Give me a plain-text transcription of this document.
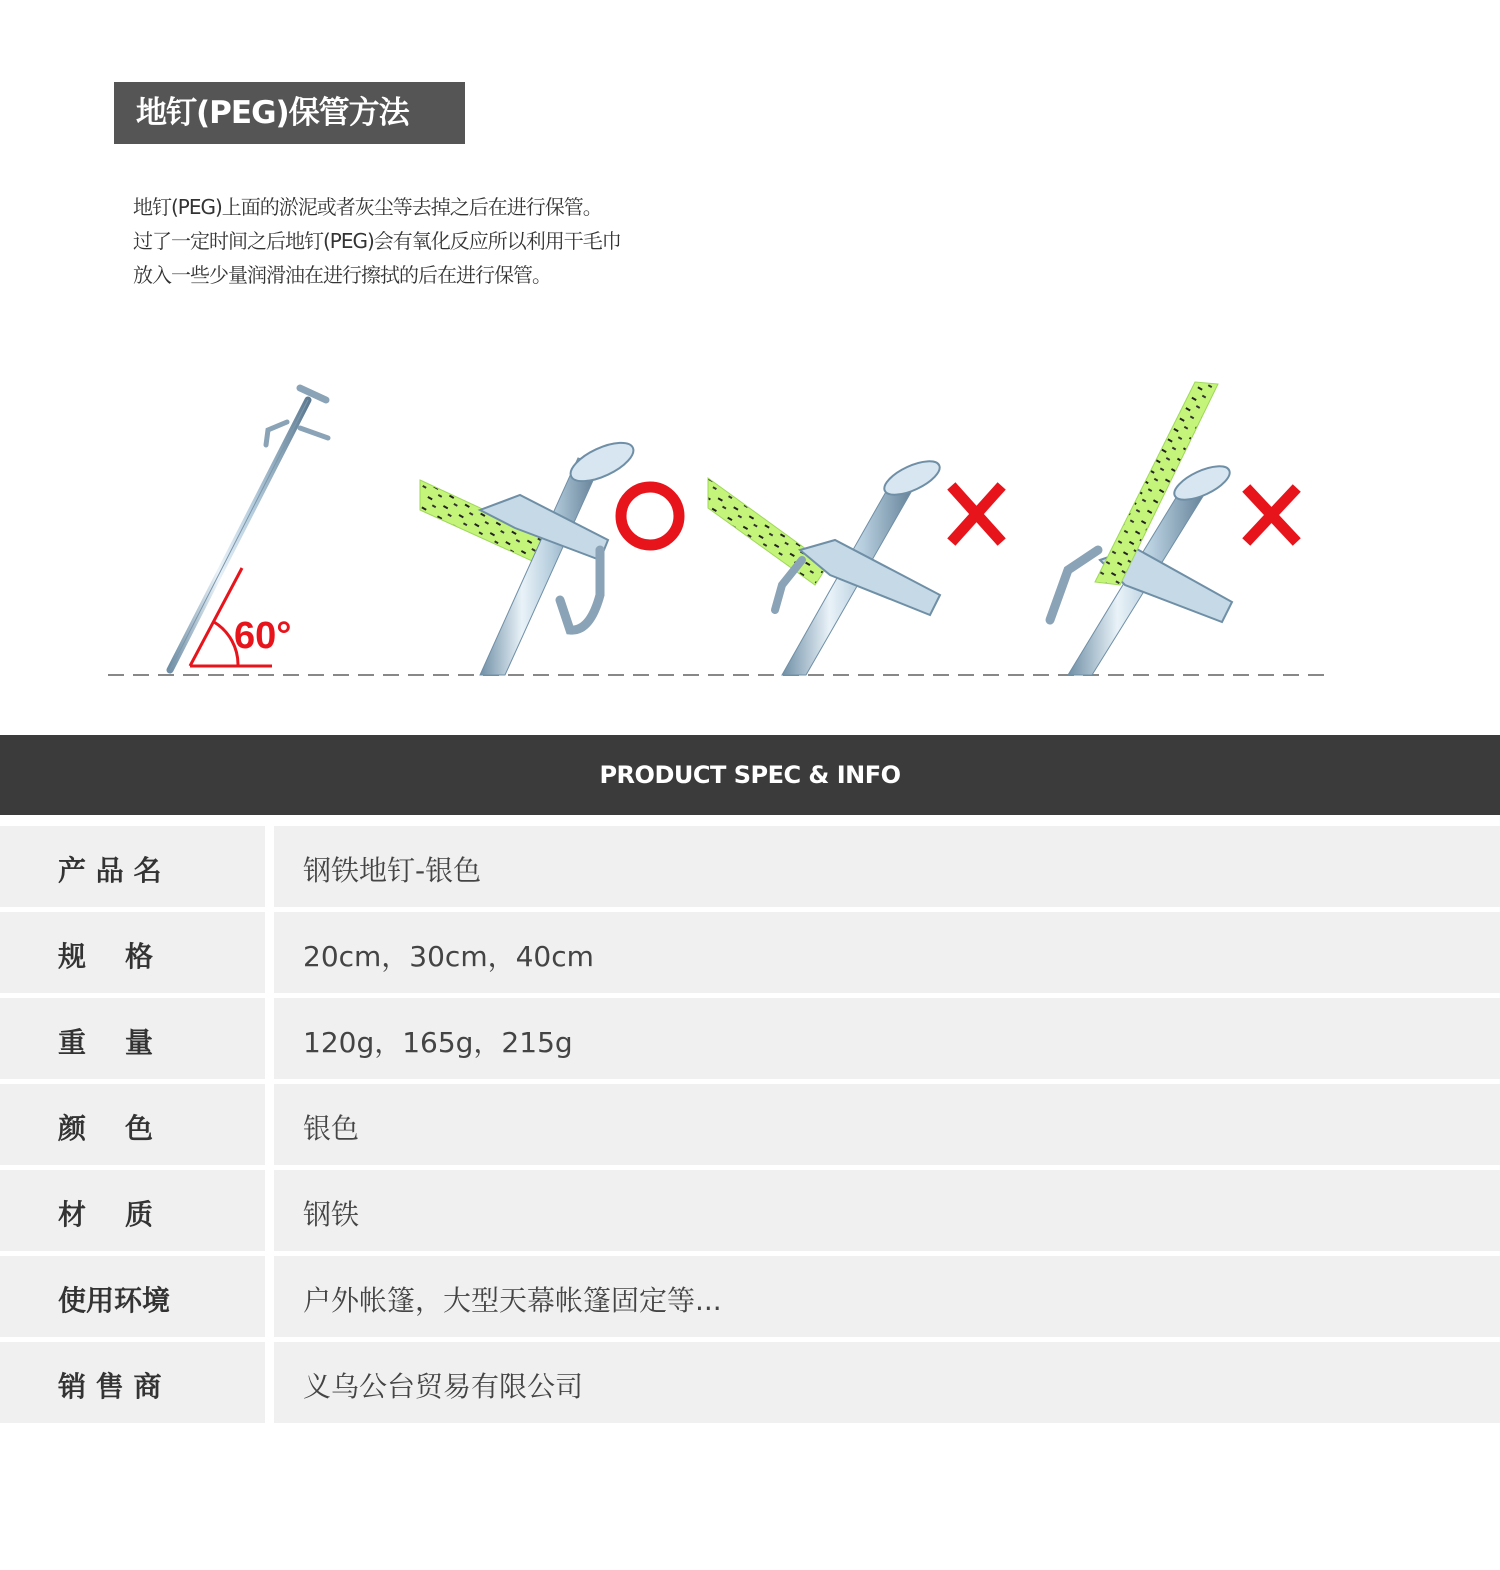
地钉(PEG)保管方法
地钉(PEG)上面的淤泥或者灰尘等去掉之后在进行保管。
过了一定时间之后地钉(PEG)会有氧化反应所以利用干毛巾
放入一些少量润滑油在进行擦拭的后在进行保管。
60°
PRODUCT SPEC & INFO
产 品 名	钢铁地钉-银色
规    格	20cm，30cm，40cm
重    量	120g，165g，215g
颜    色	银色
材    质	钢铁
使用环境	户外帐篷，大型天幕帐篷固定等...
销 售 商	义乌公台贸易有限公司
